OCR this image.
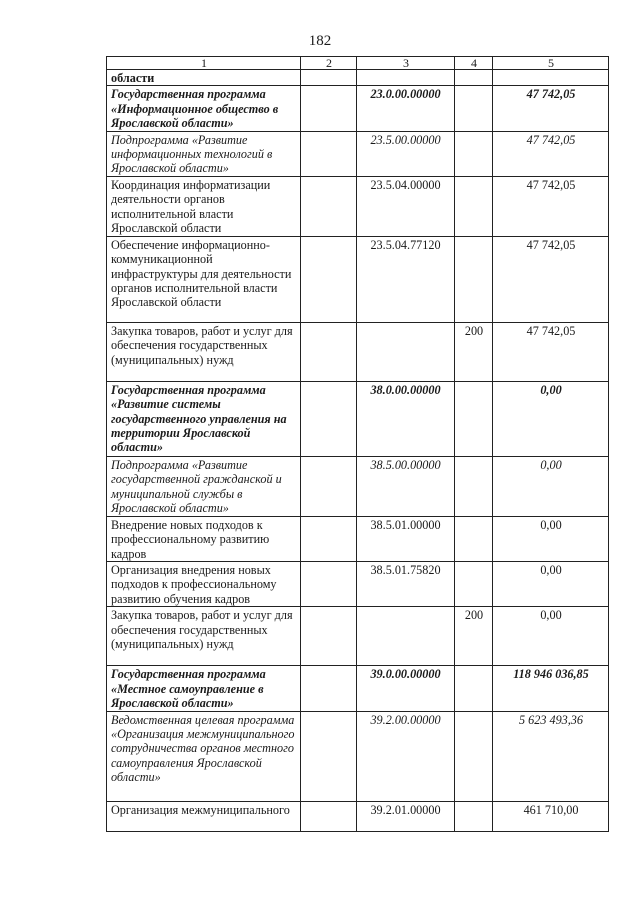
182
1	2	3	4	5
области				
Государственная программа «Информационное общество в Ярославской области»		23.0.00.00000		47 742,05
Подпрограмма «Развитие информационных технологий в Ярославской области»		23.5.00.00000		47 742,05
Координация информатизации деятельности органов исполнительной власти Ярославской области		23.5.04.00000		47 742,05
Обеспечение информационно-коммуникационной инфраструктуры для деятельности органов исполнительной власти Ярославской области		23.5.04.77120		47 742,05
Закупка товаров, работ и услуг для обеспечения государственных (муниципальных) нужд			200	47 742,05
Государственная программа «Развитие системы государственного управления на территории Ярославской области»		38.0.00.00000		0,00
Подпрограмма «Развитие государственной гражданской и муниципальной службы в Ярославской области»		38.5.00.00000		0,00
Внедрение новых подходов к профессиональному развитию кадров		38.5.01.00000		0,00
Организация внедрения новых подходов к профессиональному развитию обучения кадров		38.5.01.75820		0,00
Закупка товаров, работ и услуг для обеспечения государственных (муниципальных) нужд			200	0,00
Государственная программа «Местное самоуправление в Ярославской области»		39.0.00.00000		118 946 036,85
Ведомственная целевая программа «Организация межмуниципального сотрудничества органов местного самоуправления Ярославской области»		39.2.00.00000		5 623 493,36
Организация межмуниципального		39.2.01.00000		461 710,00
